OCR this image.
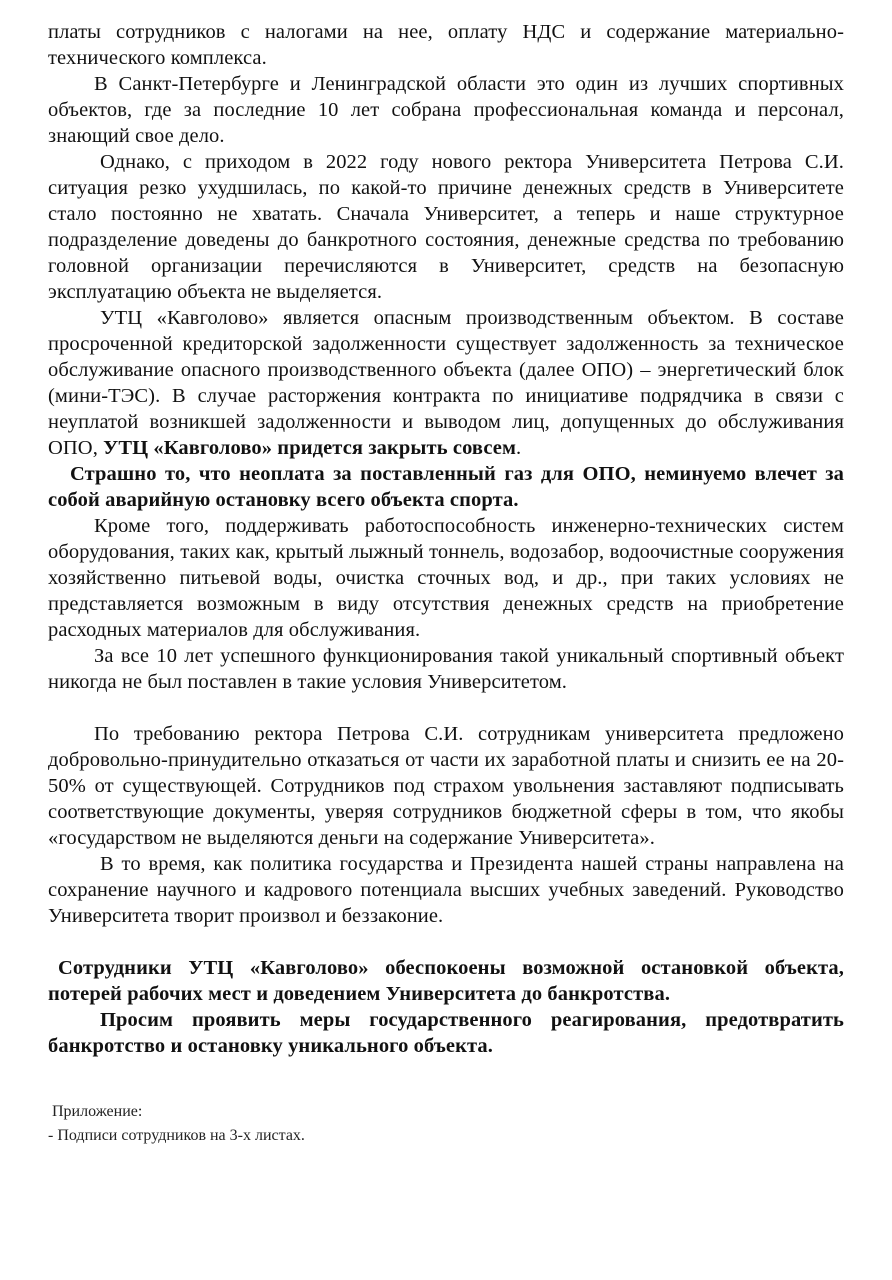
платы сотрудников с налогами на нее, оплату НДС и содержание материально-технического комплекса.

В Санкт-Петербурге и Ленинградской области это один из лучших спортивных объектов, где за последние 10 лет собрана профессиональная команда и персонал, знающий свое дело.

Однако, с приходом в 2022 году нового ректора Университета Петрова С.И. ситуация резко ухудшилась, по какой-то причине денежных средств в Университете стало постоянно не хватать. Сначала Университет, а теперь и наше структурное подразделение доведены до банкротного состояния, денежные средства по требованию головной организации перечисляются в Университет, средств на безопасную эксплуатацию объекта не выделяется.

УТЦ «Кавголово» является опасным производственным объектом. В составе просроченной кредиторской задолженности существует задолженность за техническое обслуживание опасного производственного объекта (далее ОПО) – энергетический блок (мини-ТЭС). В случае расторжения контракта по инициативе подрядчика в связи с неуплатой возникшей задолженности и выводом лиц, допущенных до обслуживания ОПО, УТЦ «Кавголово» придется закрыть совсем.

Страшно то, что неоплата за поставленный газ для ОПО, неминуемо влечет за собой аварийную остановку всего объекта спорта.

Кроме того, поддерживать работоспособность инженерно-технических систем оборудования, таких как, крытый лыжный тоннель, водозабор, водоочистные сооружения хозяйственно питьевой воды, очистка сточных вод, и др., при таких условиях не представляется возможным в виду отсутствия денежных средств на приобретение расходных материалов для обслуживания.

За все 10 лет успешного функционирования такой уникальный спортивный объект никогда не был поставлен в такие условия Университетом.

По требованию ректора Петрова С.И. сотрудникам университета предложено добровольно-принудительно отказаться от части их заработной платы и снизить ее на 20-50% от существующей. Сотрудников под страхом увольнения заставляют подписывать соответствующие документы, уверяя сотрудников бюджетной сферы в том, что якобы «государством не выделяются деньги на содержание Университета».

В то время, как политика государства и Президента нашей страны направлена на сохранение научного и кадрового потенциала высших учебных заведений. Руководство Университета творит произвол и беззаконие.

Сотрудники УТЦ «Кавголово» обеспокоены возможной остановкой объекта, потерей рабочих мест и доведением Университета до банкротства.

Просим проявить меры государственного реагирования, предотвратить банкротство и остановку уникального объекта.

Приложение:
- Подписи сотрудников на 3-х листах.
